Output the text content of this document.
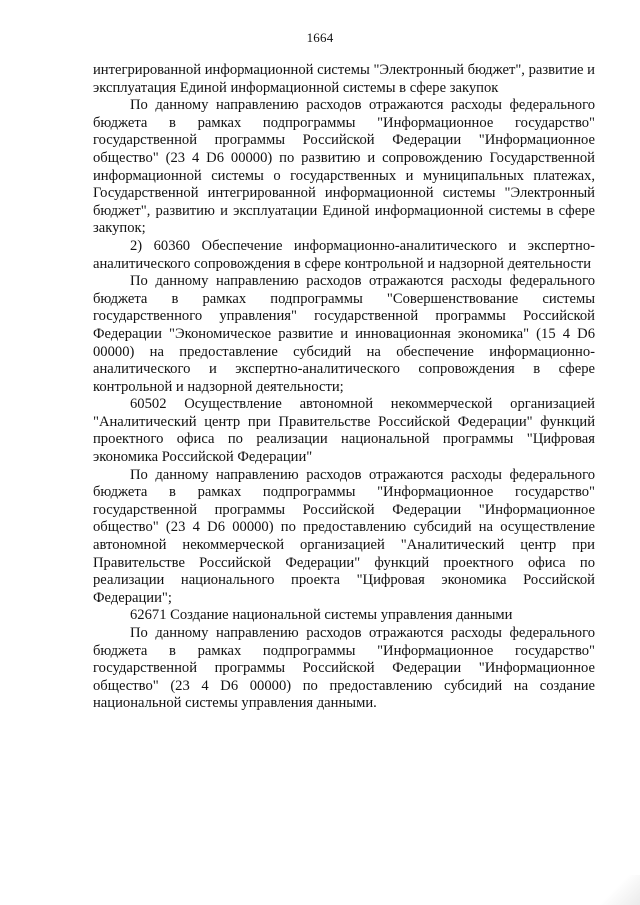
1664

интегрированной информационной системы "Электронный бюджет", развитие и эксплуатация Единой информационной системы в сфере закупок

По данному направлению расходов отражаются расходы федерального бюджета в рамках подпрограммы "Информационное государство" государственной программы Российской Федерации "Информационное общество" (23 4 D6 00000) по развитию и сопровождению Государственной информационной системы о государственных и муниципальных платежах, Государственной интегрированной информационной системы "Электронный бюджет", развитию и эксплуатации Единой информационной системы в сфере закупок;

2) 60360 Обеспечение информационно-аналитического и экспертно-аналитического сопровождения в сфере контрольной и надзорной деятельности

По данному направлению расходов отражаются расходы федерального бюджета в рамках подпрограммы "Совершенствование системы государственного управления" государственной программы Российской Федерации "Экономическое развитие и инновационная экономика" (15 4 D6 00000) на предоставление субсидий на обеспечение информационно-аналитического и экспертно-аналитического сопровождения в сфере контрольной и надзорной деятельности;

60502 Осуществление автономной некоммерческой организацией "Аналитический центр при Правительстве Российской Федерации" функций проектного офиса по реализации национальной программы "Цифровая экономика Российской Федерации"

По данному направлению расходов отражаются расходы федерального бюджета в рамках подпрограммы "Информационное государство" государственной программы Российской Федерации "Информационное общество" (23 4 D6 00000) по предоставлению субсидий на осуществление автономной некоммерческой организацией "Аналитический центр при Правительстве Российской Федерации" функций проектного офиса по реализации национального проекта "Цифровая экономика Российской Федерации";

62671 Создание национальной системы управления данными

По данному направлению расходов отражаются расходы федерального бюджета в рамках подпрограммы "Информационное государство" государственной программы Российской Федерации "Информационное общество" (23 4 D6 00000) по предоставлению субсидий на создание национальной системы управления данными.
